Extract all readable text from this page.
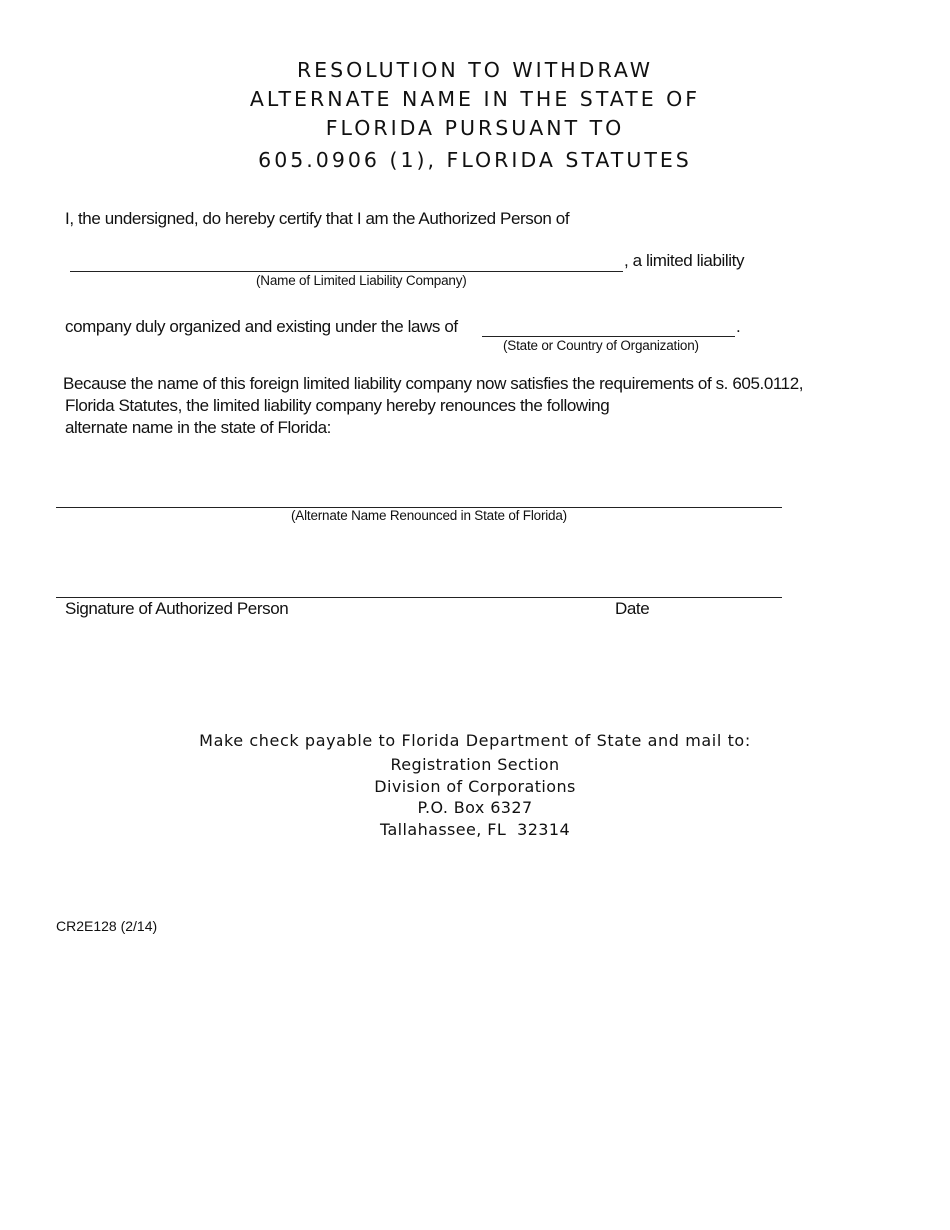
RESOLUTION TO WITHDRAW
ALTERNATE NAME IN THE STATE OF
FLORIDA PURSUANT TO
605.0906 (1), FLORIDA STATUTES
I, the undersigned, do hereby certify that I am the Authorized Person of
, a limited liability
(Name of Limited Liability Company)
company duly organized and existing under the laws of	.
(State or Country of Organization)
Because the name of this foreign limited liability company now satisfies the requirements of s. 605.0112,
Florida Statutes, the limited liability company hereby renounces the following
alternate name in the state of Florida:
(Alternate Name Renounced in State of Florida)
Signature of Authorized Person	Date
Make check payable to Florida Department of State and mail to:
Registration Section
Division of Corporations
P.O. Box 6327
Tallahassee, FL  32314
CR2E128 (2/14)
